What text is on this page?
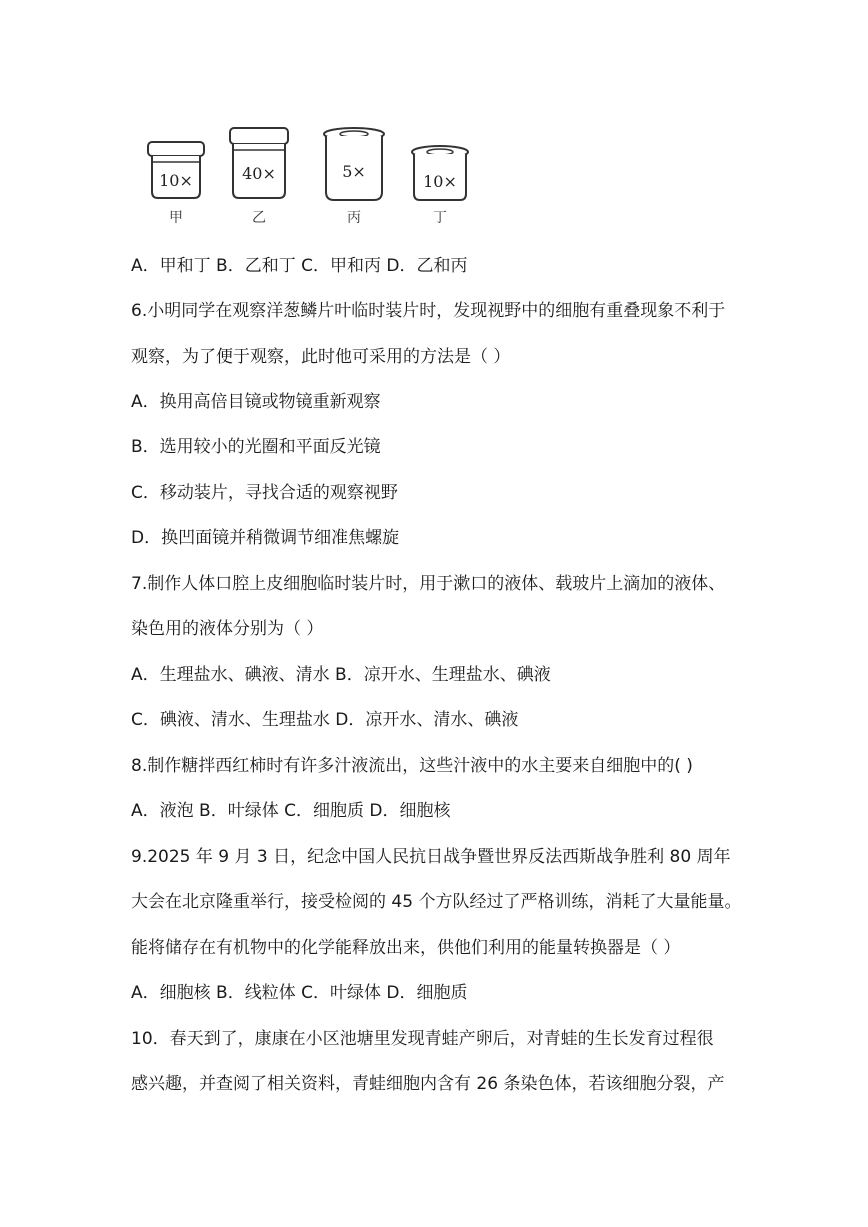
10×
甲
40×
乙
5×
丙
10×
丁
A．甲和丁 B．乙和丁 C．甲和丙 D．乙和丙
6.小明同学在观察洋葱鳞片叶临时装片时，发现视野中的细胞有重叠现象不利于
观察，为了便于观察，此时他可采用的方法是（ ）
A．换用高倍目镜或物镜重新观察
B．选用较小的光圈和平面反光镜
C．移动装片，寻找合适的观察视野
D．换凹面镜并稍微调节细准焦螺旋
7.制作人体口腔上皮细胞临时装片时，用于漱口的液体、载玻片上滴加的液体、
染色用的液体分别为（ ）
A．生理盐水、碘液、清水 B．凉开水、生理盐水、碘液
C．碘液、清水、生理盐水 D．凉开水、清水、碘液
8.制作糖拌西红柿时有许多汁液流出，这些汁液中的水主要来自细胞中的( )
A．液泡 B．叶绿体 C．细胞质 D．细胞核
9.2025 年 9 月 3 日，纪念中国人民抗日战争暨世界反法西斯战争胜利 80 周年
大会在北京隆重举行，接受检阅的 45 个方队经过了严格训练，消耗了大量能量。
能将储存在有机物中的化学能释放出来，供他们利用的能量转换器是（ ）
A．细胞核 B．线粒体 C．叶绿体 D．细胞质
10．春天到了，康康在小区池塘里发现青蛙产卵后，对青蛙的生长发育过程很
感兴趣，并查阅了相关资料，青蛙细胞内含有 26 条染色体，若该细胞分裂，产
